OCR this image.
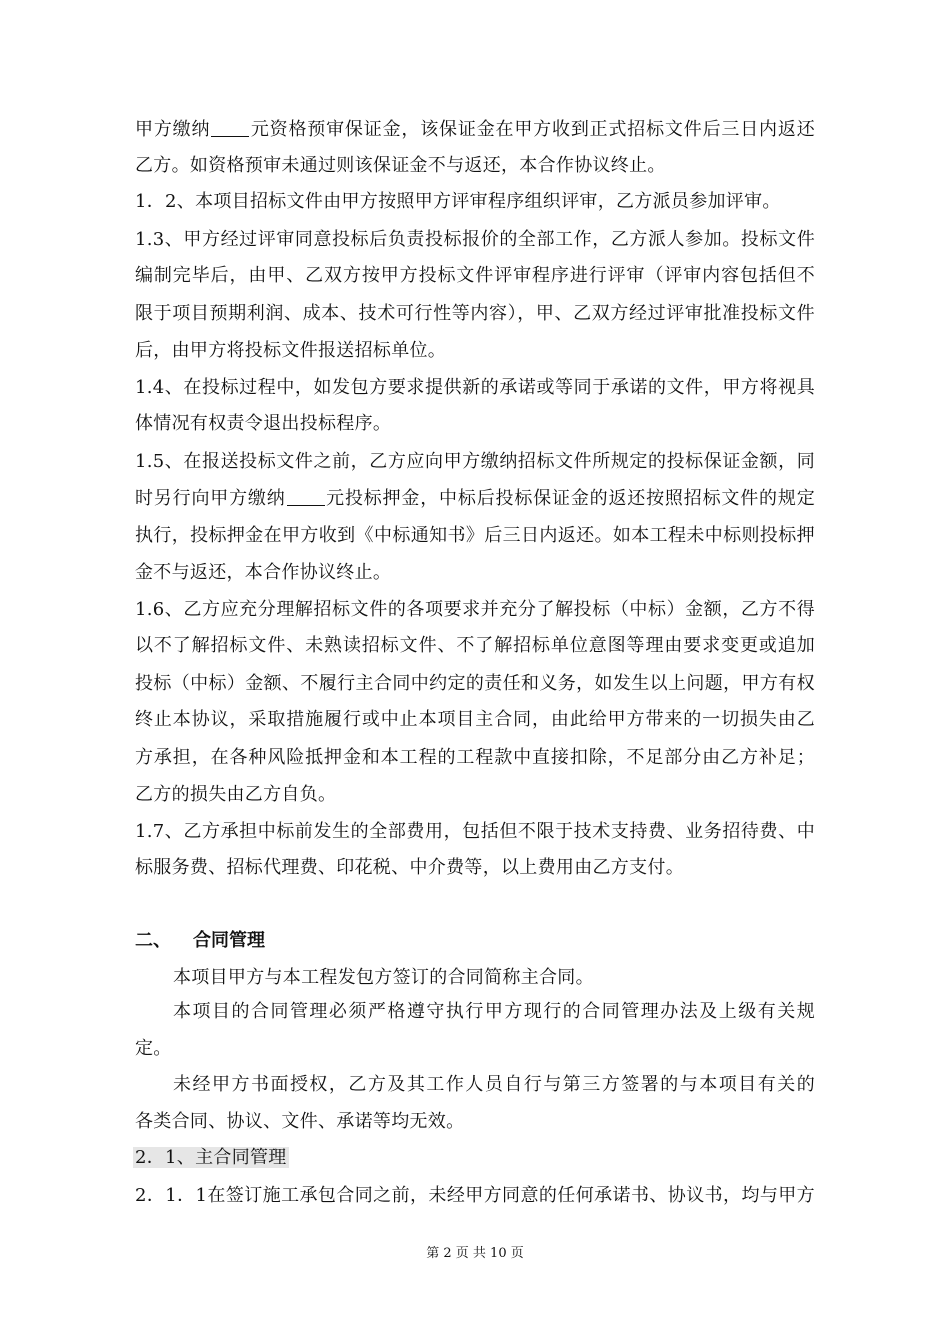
甲方缴纳 元资格预审保证金，该保证金在甲方收到正式招标文件后三日内返还
乙方。如资格预审未通过则该保证金不与返还，本合作协议终止。
1．2、本项目招标文件由甲方按照甲方评审程序组织评审，乙方派员参加评审。
1.3、甲方经过评审同意投标后负责投标报价的全部工作，乙方派人参加。投标文件
编制完毕后，由甲、乙双方按甲方投标文件评审程序进行评审（评审内容包括但不
限于项目预期利润、成本、技术可行性等内容），甲、乙双方经过评审批准投标文件
后，由甲方将投标文件报送招标单位。
1.4、在投标过程中，如发包方要求提供新的承诺或等同于承诺的文件，甲方将视具
体情况有权责令退出投标程序。
1.5、在报送投标文件之前，乙方应向甲方缴纳招标文件所规定的投标保证金额，同
时另行向甲方缴纳 元投标押金，中标后投标保证金的返还按照招标文件的规定
执行，投标押金在甲方收到《中标通知书》后三日内返还。如本工程未中标则投标押
金不与返还，本合作协议终止。
1.6、乙方应充分理解招标文件的各项要求并充分了解投标（中标）金额，乙方不得
以不了解招标文件、未熟读招标文件、不了解招标单位意图等理由要求变更或追加
投标（中标）金额、不履行主合同中约定的责任和义务，如发生以上问题，甲方有权
终止本协议，采取措施履行或中止本项目主合同，由此给甲方带来的一切损失由乙
方承担，在各种风险抵押金和本工程的工程款中直接扣除，不足部分由乙方补足；
乙方的损失由乙方自负。
1.7、乙方承担中标前发生的全部费用，包括但不限于技术支持费、业务招待费、中
标服务费、招标代理费、印花税、中介费等，以上费用由乙方支付。
二、 合同管理
本项目甲方与本工程发包方签订的合同简称主合同。
本项目的合同管理必须严格遵守执行甲方现行的合同管理办法及上级有关规
定。
未经甲方书面授权，乙方及其工作人员自行与第三方签署的与本项目有关的
各类合同、协议、文件、承诺等均无效。
2．1、主合同管理
2．1．1在签订施工承包合同之前，未经甲方同意的任何承诺书、协议书，均与甲方
第 2 页 共 10 页
